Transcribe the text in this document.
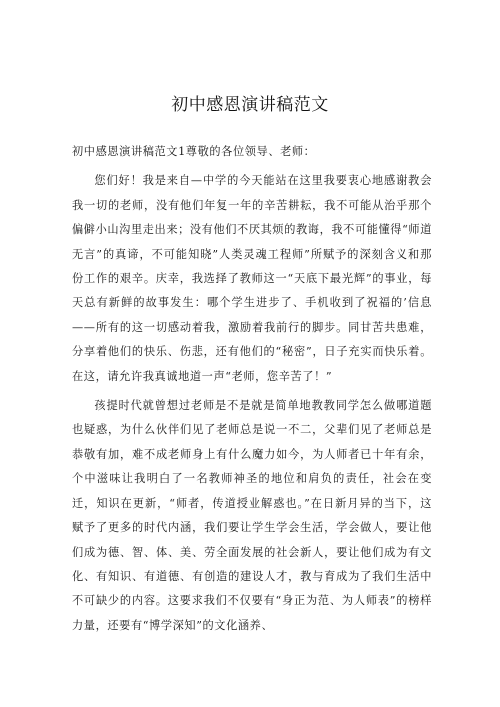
初中感恩演讲稿范文

初中感恩演讲稿范文1尊敬的各位领导、老师：

您们好！我是来自—中学的今天能站在这里我要衷心地感谢教会我一切的老师，没有他们年复一年的辛苦耕耘，我不可能从治乎那个偏僻小山沟里走出来；没有他们不厌其烦的教诲，我不可能懂得“师道无言”的真谛，不可能知晓”人类灵魂工程师”所赋予的深刻含义和那份工作的艰辛。庆幸，我选择了教师这一“天底下最光辉”的事业，每天总有新鲜的故事发生：哪个学生进步了、手机收到了祝福的’信息——所有的这一切感动着我，激励着我前行的脚步。同甘苦共患难，分享着他们的快乐、伤悲，还有他们的“秘密”，日子充实而快乐着。在这，请允许我真诚地道一声“老师，您辛苦了！”

孩提时代就曾想过老师是不是就是简单地教教同学怎么做哪道题也疑惑，为什么伙伴们见了老师总是说一不二，父辈们见了老师总是恭敬有加，难不成老师身上有什么魔力如今，为人师者已十年有余，个中滋味让我明白了一名教师神圣的地位和肩负的责任，社会在变迁，知识在更新，“师者，传道授业解惑也。”在日新月异的当下，这赋予了更多的时代内涵，我们要让学生学会生活，学会做人，要让他们成为德、智、体、美、劳全面发展的社会新人，要让他们成为有文化、有知识、有道德、有创造的建设人才，教与育成为了我们生活中不可缺少的内容。这要求我们不仅要有“身正为范、为人师表”的榜样力量，还要有“博学深知”的文化涵养、
